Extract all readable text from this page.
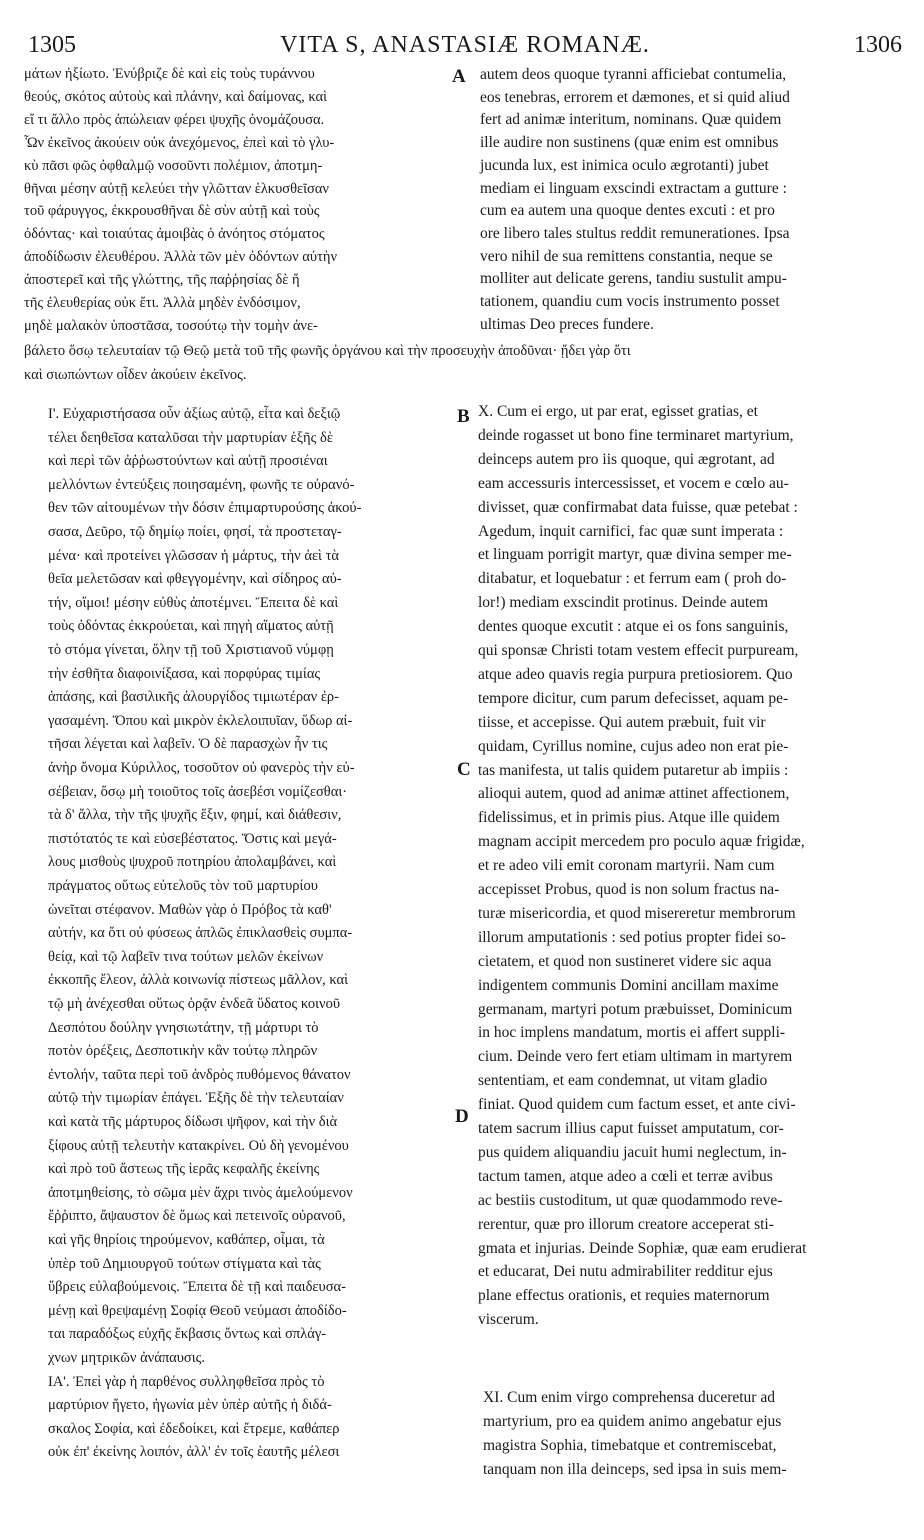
1305	VITA S, ANASTASIÆ ROMANÆ.	1306
μάτων ἠξίωτο. Ἐνύβριζε δὲ καὶ εἰς τοὺς τυράννου
θεούς, σκότος αὐτοὺς καὶ πλάνην, καὶ δαίμονας, καὶ
εἴ τι ἄλλο πρὸς ἀπώλειαν φέρει ψυχῆς ὀνομάζουσα.
Ὧν ἐκεῖνος ἀκούειν οὐκ ἀνεχόμενος, ἐπεὶ καὶ τὸ γλυ-
κὺ πᾶσι φῶς ὀφθαλμῷ νοσοῦντι πολέμιον, ἀποτμη-
θῆναι μέσην αὐτῇ κελεύει τὴν γλῶτταν ἑλκυσθεῖσαν
τοῦ φάρυγγος, ἐκκρουσθῆναι δὲ σὺν αὐτῇ καὶ τοὺς
ὀδόντας· καὶ τοιαύτας ἀμοιβὰς ὁ ἀνόητος στόματος
ἀποδίδωσιν ἐλευθέρου. Ἀλλὰ τῶν μὲν ὀδόντων αὐτὴν
ἀποστερεῖ καὶ τῆς γλώττης, τῆς παῤῥησίας δὲ ἤ
τῆς ἐλευθερίας οὐκ ἔτι. Ἀλλὰ μηδὲν ἐνδόσιμον,
μηδὲ μαλακὸν ὑποστᾶσα, τοσούτῳ τὴν τομὴν ἀνε-
autem deos quoque tyranni afficiebat contumelia,
eos tenebras, errorem et dæmones, et si quid aliud
fert ad animæ interitum, nominans. Quæ quidem
ille audire non sustinens (quæ enim est omnibus
jucunda lux, est inimica oculo ægrotanti) jubet
mediam ei linguam exscindi extractam a gutture :
cum ea autem una quoque dentes excuti : et pro
ore libero tales stultus reddit remunerationes. Ipsa
vero nihil de sua remittens constantia, neque se
molliter aut delicate gerens, tandiu sustulit ampu-
tationem, quandiu cum vocis instrumento posset
ultimas Deo preces fundere.
βάλετο ὅσῳ τελευταίαν τῷ Θεῷ μετὰ τοῦ τῆς φωνῆς ὀργάνου καὶ τὴν προσευχὴν ἀποδῦναι· ᾔδει γὰρ ὅτι
καὶ σιωπώντων οἶδεν ἀκούειν ἐκεῖνος.
Ι'. Εὐχαριστήσασα οὖν ἀξίως αὐτῷ, εἶτα καὶ δεξιῷ
τέλει δεηθεῖσα καταλῦσαι τὴν μαρτυρίαν ἑξῆς δὲ
καὶ περὶ τῶν ἀῤῥωστούντων καὶ αὐτῇ προσιέναι
μελλόντων ἐντεύξεις ποιησαμένη, φωνῆς τε οὐρανό-
θεν τῶν αἰτουμένων τὴν δόσιν ἐπιμαρτυρούσης ἀκού-
σασα, Δεῦρο, τῷ δημίῳ ποίει, φησί, τὰ προστεταγ-
μένα· καὶ προτείνει γλῶσσαν ἡ μάρτυς, τὴν ἀεὶ τὰ
θεῖα μελετῶσαν καὶ φθεγγομένην, καὶ σίδηρος αὐ-
τήν, οἴμοι! μέσην εὐθὺς ἀποτέμνει. Ἔπειτα δὲ καὶ
τοὺς ὀδόντας ἐκκρούεται, καὶ πηγὴ αἵματος αὐτῇ
τὸ στόμα γίνεται, ὅλην τῇ τοῦ Χριστιανοῦ νύμφῃ
τὴν ἐσθῆτα διαφοινίξασα, καὶ πορφύρας τιμίας
ἁπάσης, καὶ βασιλικῆς ἁλουργίδος τιμιωτέραν ἐρ-
γασαμένη. Ὅπου καὶ μικρὸν ἐκλελοιπυῖαν, ὕδωρ αἰ-
τῆσαι λέγεται καὶ λαβεῖν. Ὁ δὲ παρασχὼν ἦν τις
ἀνὴρ ὄνομα Κύριλλος, τοσοῦτον οὐ φανερὸς τὴν εὐ-
σέβειαν, ὅσῳ μὴ τοιοῦτος τοῖς ἀσεβέσι νομίζεσθαι·
τὰ δ' ἄλλα, τὴν τῆς ψυχῆς ἕξιν, φημί, καὶ διάθεσιν,
πιστότατός τε καὶ εὐσεβέστατος. Ὅστις καὶ μεγά-
λους μισθοὺς ψυχροῦ ποτηρίου ἀπολαμβάνει, καὶ
πράγματος οὕτως εὐτελοῦς τὸν τοῦ μαρτυρίου
ὠνεῖται στέφανον. Μαθὼν γὰρ ὁ Πρόβος τὰ καθ'
αὐτήν, κα ὅτι οὐ φύσεως ἁπλῶς ἐπικλασθεὶς συμπα-
θείᾳ, καὶ τῷ λαβεῖν τινα τούτων μελῶν ἐκείνων
ἐκκοπῆς ἔλεον, ἀλλὰ κοινωνίᾳ πίστεως μᾶλλον, καὶ
τῷ μὴ ἀνέχεσθαι οὕτως ὁρᾷν ἐνδεᾶ ὕδατος κοινοῦ
Δεσπότου δούλην γνησιωτάτην, τῇ μάρτυρι τὸ
ποτὸν ὀρέξεις, Δεσποτικὴν κἂν τούτῳ πληρῶν
ἐντολήν, ταῦτα περὶ τοῦ ἀνδρὸς πυθόμενος θάνατον
αὐτῷ τὴν τιμωρίαν ἐπάγει. Ἑξῆς δὲ τὴν τελευταίαν
καὶ κατὰ τῆς μάρτυρος δίδωσι ψῆφον, καὶ τὴν διὰ
ξίφους αὐτῇ τελευτὴν κατακρίνει. Οὐ δὴ γενομένου
καὶ πρὸ τοῦ ἄστεως τῆς ἱερᾶς κεφαλῆς ἐκείνης
ἀποτμηθείσης, τὸ σῶμα μὲν ἄχρι τινὸς ἀμελούμενον
ἔῤῥιπτο, ἄψαυστον δὲ ὅμως καὶ πετεινοῖς οὐρανοῦ,
καὶ γῆς θηρίοις τηρούμενον, καθάπερ, οἶμαι, τὰ
ὑπὲρ τοῦ Δημιουργοῦ τούτων στίγματα καὶ τὰς
ὕβρεις εὐλαβούμενοις. Ἔπειτα δὲ τῇ καὶ παιδευσα-
μένῃ καὶ θρεψαμένῃ Σοφίᾳ Θεοῦ νεύμασι ἀποδίδο-
ται παραδόξως εὐχῆς ἔκβασις ὄντως καὶ σπλάγ-
χνων μητρικῶν ἀνάπαυσις.
ΙΑ'. Ἐπεὶ γὰρ ἡ παρθένος συλληφθεῖσα πρὸς τὸ
μαρτύριον ἤγετο, ἠγωνία μὲν ὑπὲρ αὐτῆς ἡ διδά-
σκαλος Σοφία, καὶ ἐδεδοίκει, καὶ ἔτρεμε, καθάπερ
οὐκ ἐπ' ἐκείνης λοιπόν, ἀλλ' ἐν τοῖς ἑαυτῆς μέλεσι
X. Cum ei ergo, ut par erat, egisset gratias, et
deinde rogasset ut bono fine terminaret martyrium,
deinceps autem pro iis quoque, qui ægrotant, ad
eam accessuris intercessisset, et vocem e cœlo au-
divisset, quæ confirmabat data fuisse, quæ petebat :
Agedum, inquit carnifici, fac quæ sunt imperata :
et linguam porrigit martyr, quæ divina semper me-
ditabatur, et loquebatur : et ferrum eam ( proh do-
lor!) mediam exscindit protinus. Deinde autem
dentes quoque excutit : atque ei os fons sanguinis,
qui sponsæ Christi totam vestem effecit purpuream,
atque adeo quavis regia purpura pretiosiorem. Quo
tempore dicitur, cum parum defecisset, aquam pe-
tiisse, et accepisse. Qui autem præbuit, fuit vir
quidam, Cyrillus nomine, cujus adeo non erat pie-
tas manifesta, ut talis quidem putaretur ab impiis :
alioqui autem, quod ad animæ attinet affectionem,
fidelissimus, et in primis pius. Atque ille quidem
magnam accipit mercedem pro poculo aquæ frigidæ,
et re adeo vili emit coronam martyrii. Nam cum
accepisset Probus, quod is non solum fractus na-
turæ misericordia, et quod misereretur membrorum
illorum amputationis : sed potius propter fidei so-
cietatem, et quod non sustineret videre sic aqua
indigentem communis Domini ancillam maxime
germanam, martyri potum præbuisset, Dominicum
in hoc implens mandatum, mortis ei affert suppli-
cium. Deinde vero fert etiam ultimam in martyrem
sententiam, et eam condemnat, ut vitam gladio
finiat. Quod quidem cum factum esset, et ante civi-
tatem sacrum illius caput fuisset amputatum, cor-
pus quidem aliquandiu jacuit humi neglectum, in-
tactum tamen, atque adeo a cœli et terræ avibus
ac bestiis custoditum, ut quæ quodammodo reve-
rerentur, quæ pro illorum creatore acceperat sti-
gmata et injurias. Deinde Sophiæ, quæ eam erudierat
et educarat, Dei nutu admirabiliter redditur ejus
plane effectus orationis, et requies maternorum
viscerum.
XI. Cum enim virgo comprehensa duceretur ad
martyrium, pro ea quidem animo angebatur ejus
magistra Sophia, timebatque et contremiscebat,
tanquam non illa deinceps, sed ipsa in suis mem-
A
B
C
D
